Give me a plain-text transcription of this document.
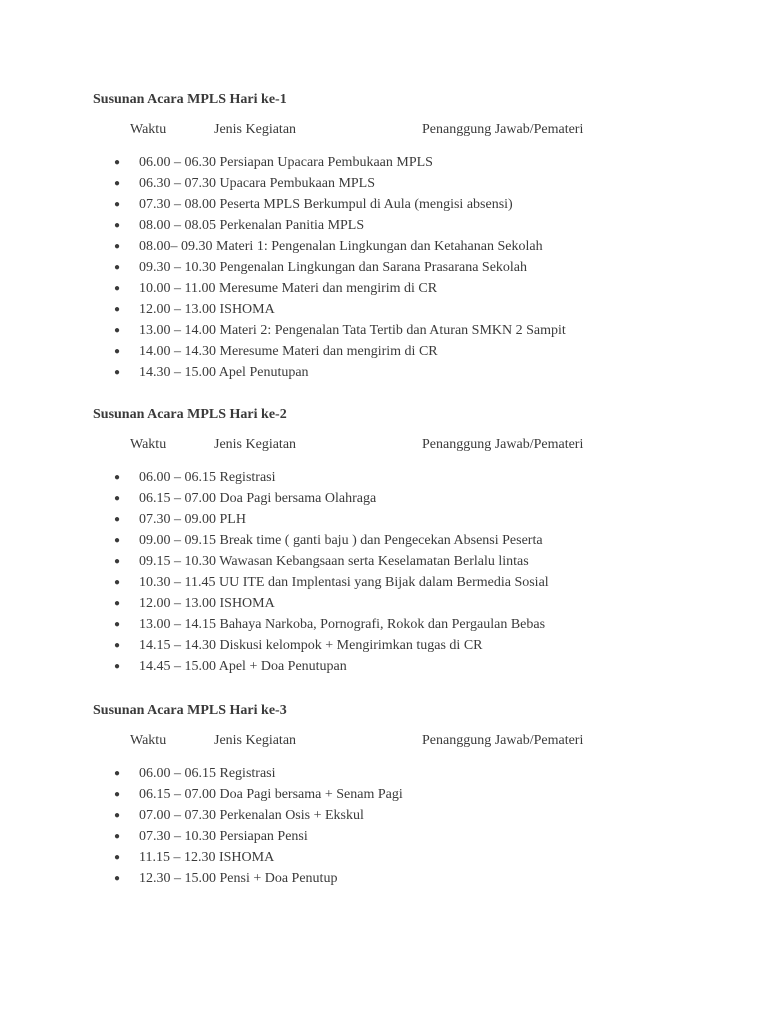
Susunan Acara MPLS Hari ke-1
Waktu	Jenis Kegiatan	Penanggung Jawab/Pemateri
● 06.00 – 06.30 Persiapan Upacara Pembukaan MPLS
● 06.30 – 07.30 Upacara Pembukaan MPLS
● 07.30 – 08.00 Peserta MPLS Berkumpul di Aula (mengisi absensi)
● 08.00 – 08.05 Perkenalan Panitia MPLS
● 08.00– 09.30 Materi 1: Pengenalan Lingkungan dan Ketahanan Sekolah
● 09.30 – 10.30 Pengenalan Lingkungan dan Sarana Prasarana Sekolah
● 10.00 – 11.00 Meresume Materi dan mengirim di CR
● 12.00 – 13.00 ISHOMA
● 13.00 – 14.00 Materi 2: Pengenalan Tata Tertib dan Aturan SMKN 2 Sampit
● 14.00 – 14.30 Meresume Materi dan mengirim di CR
● 14.30 – 15.00 Apel Penutupan
Susunan Acara MPLS Hari ke-2
Waktu	Jenis Kegiatan	Penanggung Jawab/Pemateri
● 06.00 – 06.15 Registrasi
● 06.15 – 07.00 Doa Pagi bersama Olahraga
● 07.30 – 09.00 PLH
● 09.00 – 09.15 Break time ( ganti baju ) dan Pengecekan Absensi Peserta
● 09.15 – 10.30 Wawasan Kebangsaan serta Keselamatan Berlalu lintas
● 10.30 – 11.45 UU ITE dan Implentasi yang Bijak dalam Bermedia Sosial
● 12.00 – 13.00 ISHOMA
● 13.00 – 14.15 Bahaya Narkoba, Pornografi, Rokok dan Pergaulan Bebas
● 14.15 – 14.30 Diskusi kelompok + Mengirimkan tugas di CR
● 14.45 – 15.00 Apel + Doa Penutupan
Susunan Acara MPLS Hari ke-3
Waktu	Jenis Kegiatan	Penanggung Jawab/Pemateri
● 06.00 – 06.15 Registrasi
● 06.15 – 07.00 Doa Pagi bersama + Senam Pagi
● 07.00 – 07.30 Perkenalan Osis + Ekskul
● 07.30 – 10.30 Persiapan Pensi
● 11.15 – 12.30 ISHOMA
● 12.30 – 15.00 Pensi + Doa Penutup
